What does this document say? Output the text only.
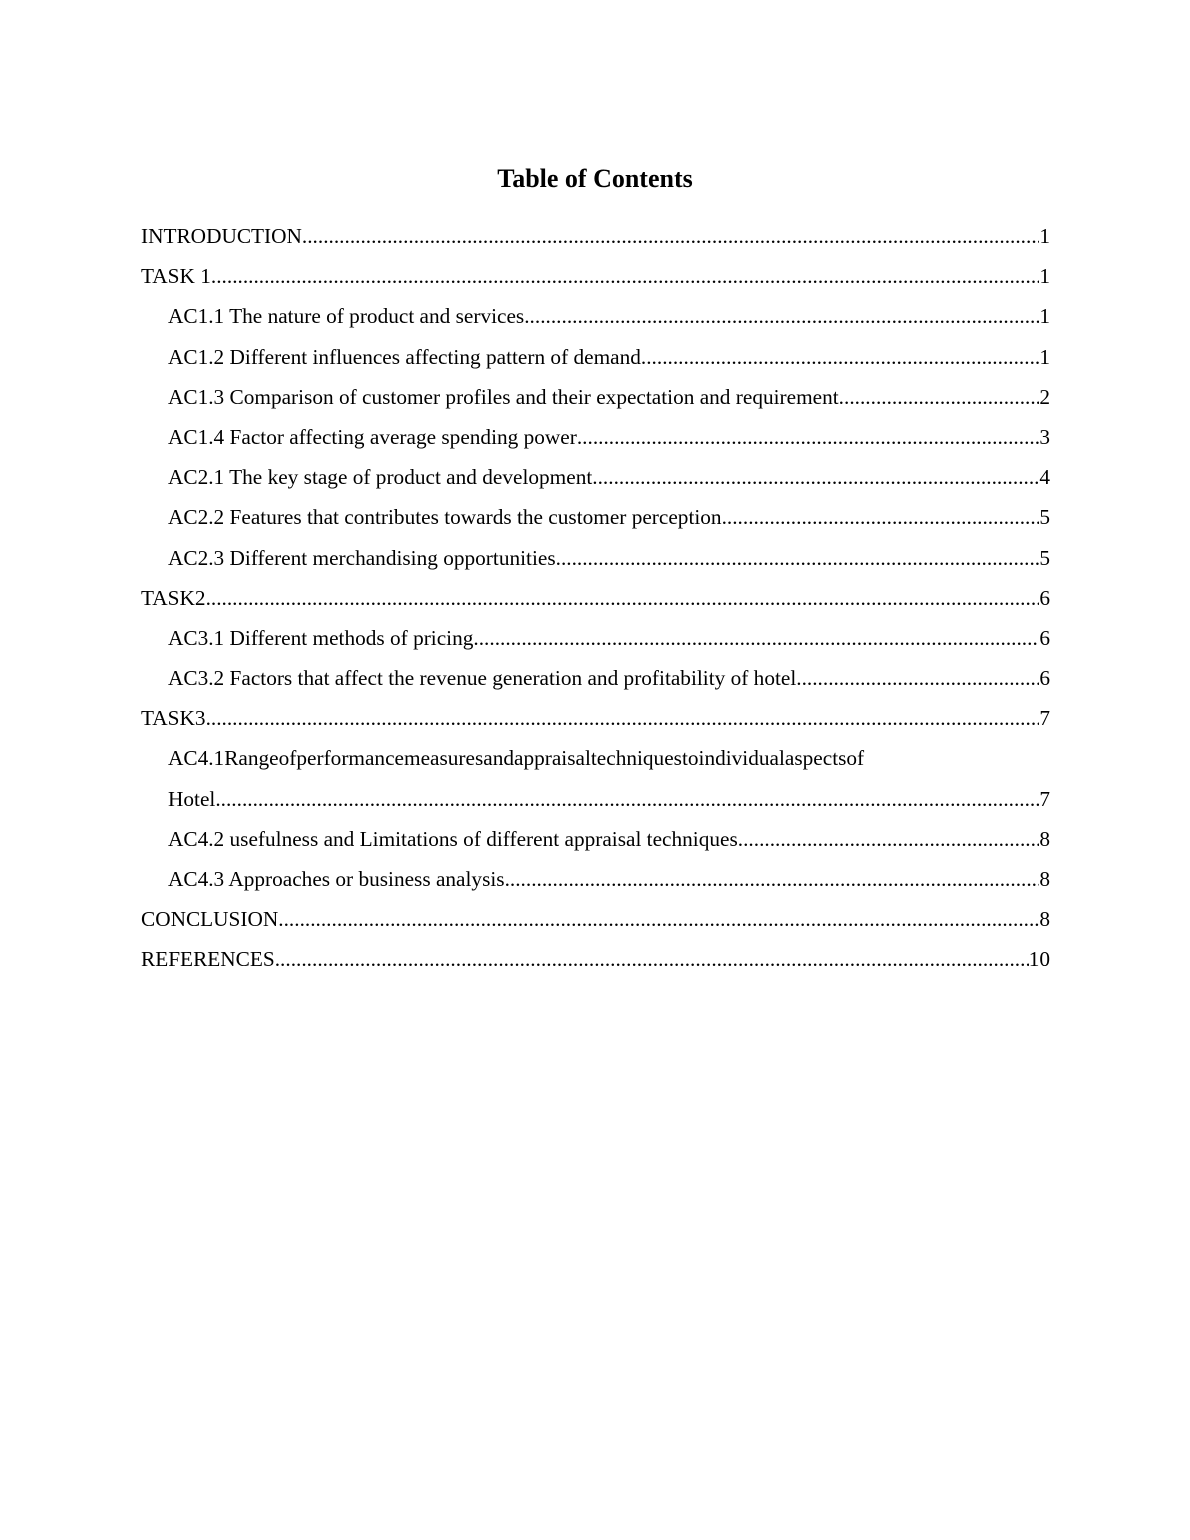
Table of Contents
INTRODUCTION .....	1
TASK 1 .....	1
AC1.1 The nature of product and services .....	1
AC1.2 Different influences affecting pattern of demand .....	1
AC1.3 Comparison of customer profiles and their expectation and requirement .....	2
AC1.4 Factor affecting average spending power .....	3
AC2.1 The key stage of product and development .....	4
AC2.2 Features that contributes towards the customer perception .....	5
AC2.3 Different merchandising opportunities. .....	5
TASK2 .....	6
AC3.1 Different methods of pricing .....	6
AC3.2 Factors that affect the revenue generation and profitability of hotel .....	6
TASK3 .....	7
AC4.1Rangeofperformancemeasuresandappraisaltechniquestoindividualaspectsof
Hotel .....	7
AC4.2 usefulness and Limitations of different appraisal techniques .....	8
AC4.3 Approaches or business analysis .....	8
CONCLUSION .....	8
REFERENCES .....	10
